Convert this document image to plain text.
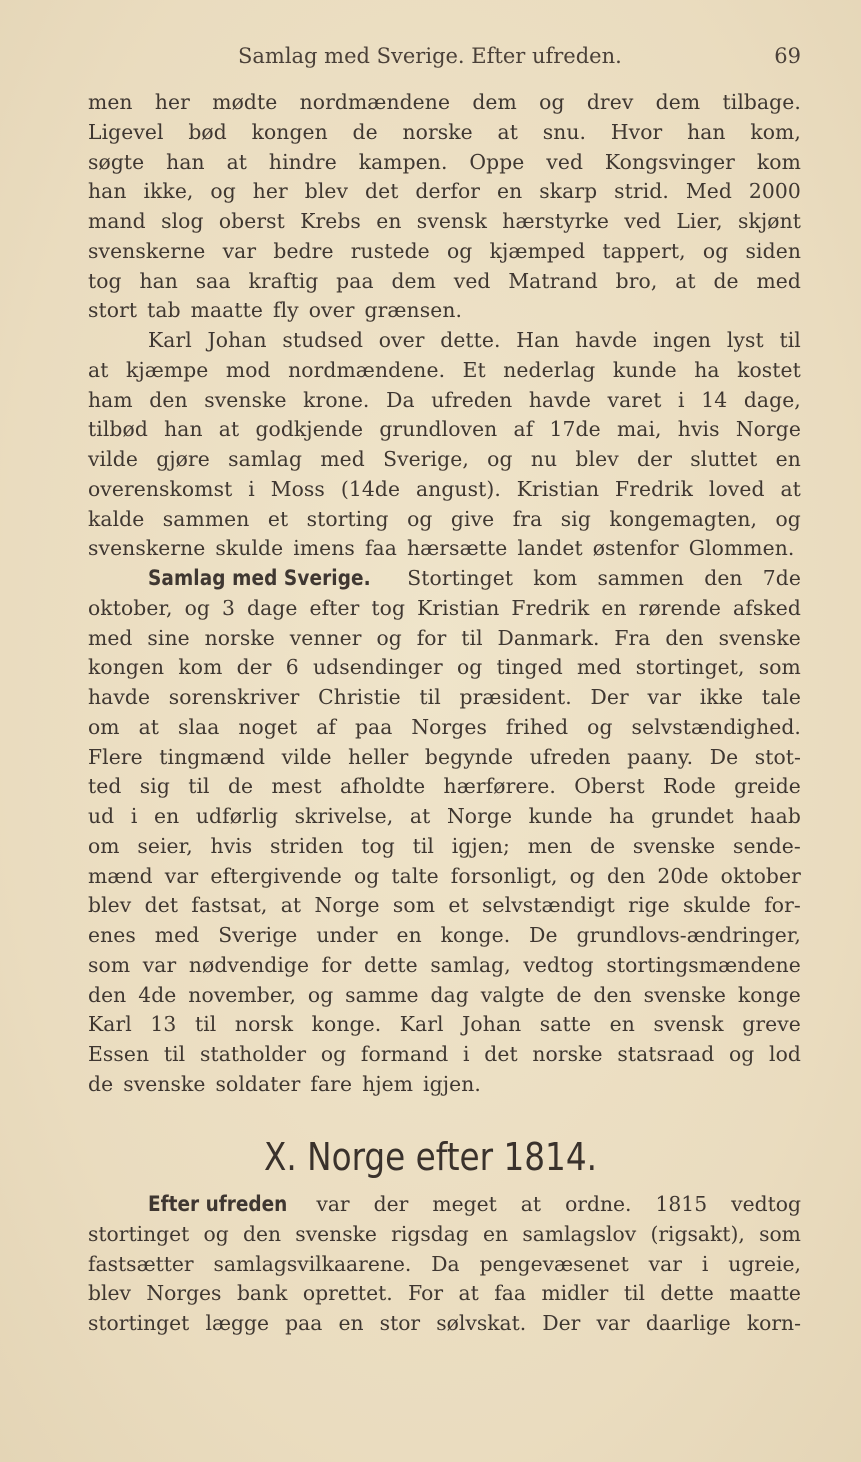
Samlag med Sverige. Efter ufreden.	69
men her mødte nordmændene dem og drev dem tilbage.
Ligevel bød kongen de norske at snu. Hvor han kom,
søgte han at hindre kampen. Oppe ved Kongsvinger kom
han ikke, og her blev det derfor en skarp strid. Med 2000
mand slog oberst Krebs en svensk hærstyrke ved Lier, skjønt
svenskerne var bedre rustede og kjæmped tappert, og siden
tog han saa kraftig paa dem ved Matrand bro, at de med
stort tab maatte fly over grænsen.
Karl Johan studsed over dette. Han havde ingen lyst til
at kjæmpe mod nordmændene. Et nederlag kunde ha kostet
ham den svenske krone. Da ufreden havde varet i 14 dage,
tilbød han at godkjende grundloven af 17de mai, hvis Norge
vilde gjøre samlag med Sverige, og nu blev der sluttet en
overenskomst i Moss (14de angust). Kristian Fredrik loved at
kalde sammen et storting og give fra sig kongemagten, og
svenskerne skulde imens faa hærsætte landet østenfor Glommen.
Samlag med Sverige. Stortinget kom sammen den 7de
oktober, og 3 dage efter tog Kristian Fredrik en rørende afsked
med sine norske venner og for til Danmark. Fra den svenske
kongen kom der 6 udsendinger og tinged med stortinget, som
havde sorenskriver Christie til præsident. Der var ikke tale
om at slaa noget af paa Norges frihed og selvstændighed.
Flere tingmænd vilde heller begynde ufreden paany. De stot-
ted sig til de mest afholdte hærførere. Oberst Rode greide
ud i en udførlig skrivelse, at Norge kunde ha grundet haab
om seier, hvis striden tog til igjen; men de svenske sende-
mænd var eftergivende og talte forsonligt, og den 20de oktober
blev det fastsat, at Norge som et selvstændigt rige skulde for-
enes med Sverige under en konge. De grundlovs-ændringer,
som var nødvendige for dette samlag, vedtog stortingsmændene
den 4de november, og samme dag valgte de den svenske konge
Karl 13 til norsk konge. Karl Johan satte en svensk greve
Essen til statholder og formand i det norske statsraad og lod
de svenske soldater fare hjem igjen.
X. Norge efter 1814.
Efter ufreden var der meget at ordne. 1815 vedtog
stortinget og den svenske rigsdag en samlagslov (rigsakt), som
fastsætter samlagsvilkaarene. Da pengevæsenet var i ugreie,
blev Norges bank oprettet. For at faa midler til dette maatte
stortinget lægge paa en stor sølvskat. Der var daarlige korn-
